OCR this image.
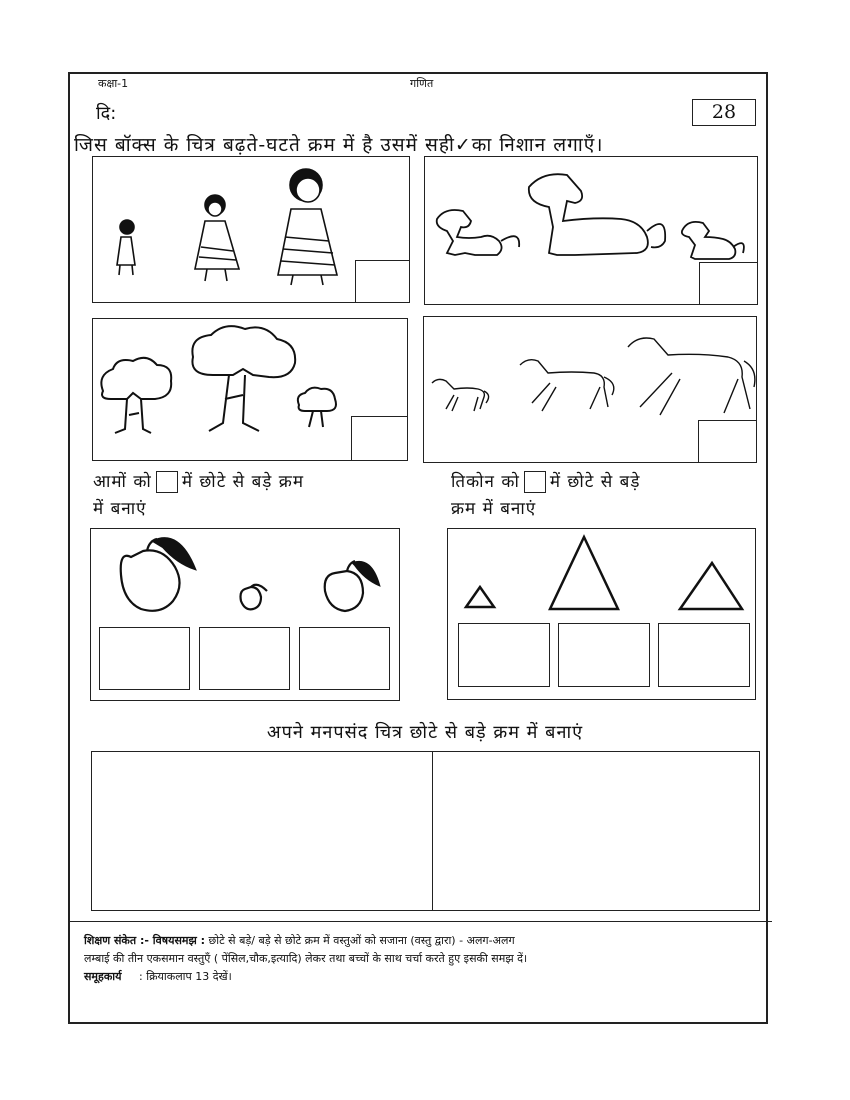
कक्षा-1	गणित
दि:	28
जिस बॉक्स के चित्र बढ़ते-घटते क्रम में है उसमें सही✓का निशान लगाएँ।
आमों को में छोटे से बड़े क्रम
में बनाएं
तिकोन को में छोटे से बड़े
क्रम में बनाएं
अपने मनपसंद चित्र छोटे से बड़े क्रम में बनाएं
शिक्षण संकेत :- विषयसमझ : छोटे से बड़े/ बड़े से छोटे क्रम में वस्तुओं को सजाना (वस्तु द्वारा) - अलग-अलग
लम्बाई की तीन एकसमान वस्तुएँ ( पेंसिल,चौक,इत्यादि) लेकर तथा बच्चों के साथ चर्चा करते हुए इसकी समझ दें।
समूहकार्य : क्रियाकलाप 13 देखें।
